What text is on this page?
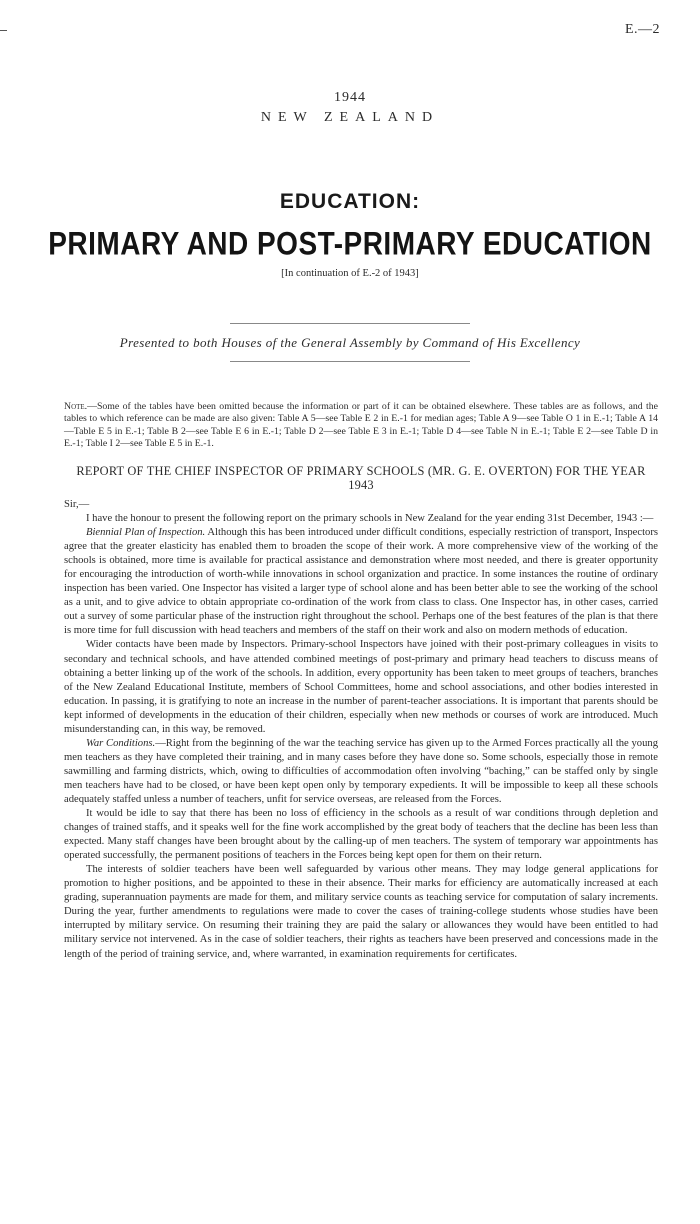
E.—2
1944
NEW ZEALAND
EDUCATION:
PRIMARY AND POST-PRIMARY EDUCATION
[In continuation of E.-2 of 1943]
Presented to both Houses of the General Assembly by Command of His Excellency
Note.—Some of the tables have been omitted because the information or part of it can be obtained elsewhere. These tables are as follows, and the tables to which reference can be made are also given: Table A 5—see Table E 2 in E.-1 for median ages; Table A 9—see Table O 1 in E.-1; Table A 14—Table E 5 in E.-1; Table B 2—see Table E 6 in E.-1; Table D 2—see Table E 3 in E.-1; Table D 4—see Table N in E.-1; Table E 2—see Table D in E.-1; Table I 2—see Table E 5 in E.-1.
REPORT OF THE CHIEF INSPECTOR OF PRIMARY SCHOOLS (MR. G. E. OVERTON) FOR THE YEAR 1943

Sir,—

I have the honour to present the following report on the primary schools in New Zealand for the year ending 31st December, 1943 :—

Biennial Plan of Inspection. Although this has been introduced under difficult conditions, especially restriction of transport, Inspectors agree that the greater elasticity has enabled them to broaden the scope of their work. A more comprehensive view of the working of the schools is obtained, more time is available for practical assistance and demonstration where most needed, and there is greater opportunity for encouraging the introduction of worth-while innovations in school organization and practice. In some instances the routine of ordinary inspection has been varied. One Inspector has visited a larger type of school alone and has been better able to see the working of the school as a unit, and to give advice to obtain appropriate co-ordination of the work from class to class. One Inspector has, in other cases, carried out a survey of some particular phase of the instruction right throughout the school. Perhaps one of the best features of the plan is that there is more time for full discussion with head teachers and members of the staff on their work and also on modern methods of education.

Wider contacts have been made by Inspectors. Primary-school Inspectors have joined with their post-primary colleagues in visits to secondary and technical schools, and have attended combined meetings of post-primary and primary head teachers to discuss means of obtaining a better linking up of the work of the schools. In addition, every opportunity has been taken to meet groups of teachers, branches of the New Zealand Educational Institute, members of School Committees, home and school associations, and other bodies interested in education. In passing, it is gratifying to note an increase in the number of parent-teacher associations. It is important that parents should be kept informed of developments in the education of their children, especially when new methods or courses of work are introduced. Much misunderstanding can, in this way, be removed.

War Conditions.—Right from the beginning of the war the teaching service has given up to the Armed Forces practically all the young men teachers as they have completed their training, and in many cases before they have done so. Some schools, especially those in remote sawmilling and farming districts, which, owing to difficulties of accommodation often involving “baching,” can be staffed only by single men teachers have had to be closed, or have been kept open only by temporary expedients. It will be impossible to keep all these schools adequately staffed unless a number of teachers, unfit for service overseas, are released from the Forces.

It would be idle to say that there has been no loss of efficiency in the schools as a result of war conditions through depletion and changes of trained staffs, and it speaks well for the fine work accomplished by the great body of teachers that the decline has been less than expected. Many staff changes have been brought about by the calling-up of men teachers. The system of temporary war appointments has operated successfully, the permanent positions of teachers in the Forces being kept open for them on their return.

The interests of soldier teachers have been well safeguarded by various other means. They may lodge general applications for promotion to higher positions, and be appointed to these in their absence. Their marks for efficiency are automatically increased at each grading, superannuation payments are made for them, and military service counts as teaching service for computation of salary increments. During the year, further amendments to regulations were made to cover the cases of training-college students whose studies have been interrupted by military service. On resuming their training they are paid the salary or allowances they would have been entitled to had military service not intervened. As in the case of soldier teachers, their rights as teachers have been preserved and concessions made in the length of the period of training service, and, where warranted, in examination requirements for certificates.
